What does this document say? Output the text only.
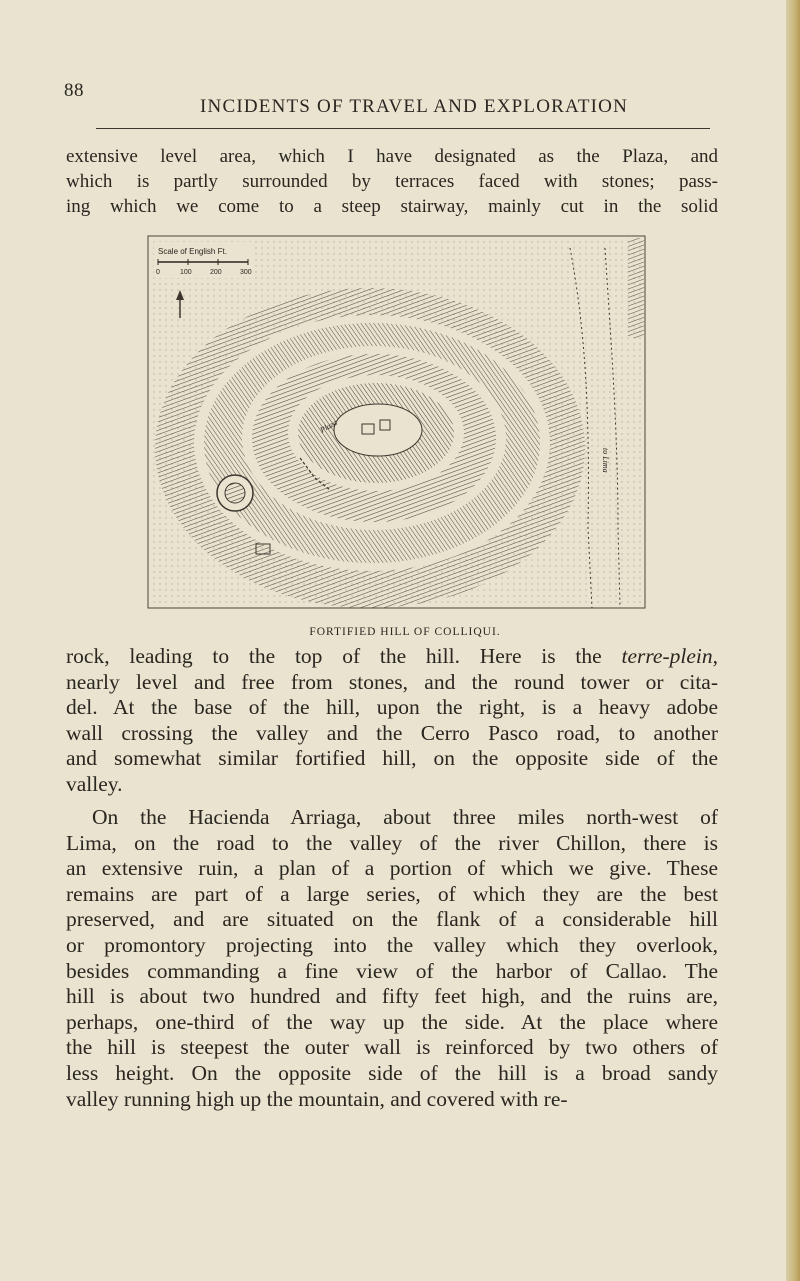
88
INCIDENTS OF TRAVEL AND EXPLORATION

extensive level area, which I have designated as the Plaza, and
which is partly surrounded by terraces faced with stones; pass-
ing which we come to a steep stairway, mainly cut in the solid

Scale of English Ft.
0	100	200	300
Plaza
to Lima
FORTIFIED HILL OF COLLIQUI.

rock, leading to the top of the hill. Here is the terre-plein,
nearly level and free from stones, and the round tower or cita-
del. At the base of the hill, upon the right, is a heavy adobe
wall crossing the valley and the Cerro Pasco road, to another
and somewhat similar fortified hill, on the opposite side of the
valley.

On the Hacienda Arriaga, about three miles north-west of
Lima, on the road to the valley of the river Chillon, there is
an extensive ruin, a plan of a portion of which we give. These
remains are part of a large series, of which they are the best
preserved, and are situated on the flank of a considerable hill
or promontory projecting into the valley which they overlook,
besides commanding a fine view of the harbor of Callao. The
hill is about two hundred and fifty feet high, and the ruins are,
perhaps, one-third of the way up the side. At the place where
the hill is steepest the outer wall is reinforced by two others of
less height. On the opposite side of the hill is a broad sandy
valley running high up the mountain, and covered with re-
